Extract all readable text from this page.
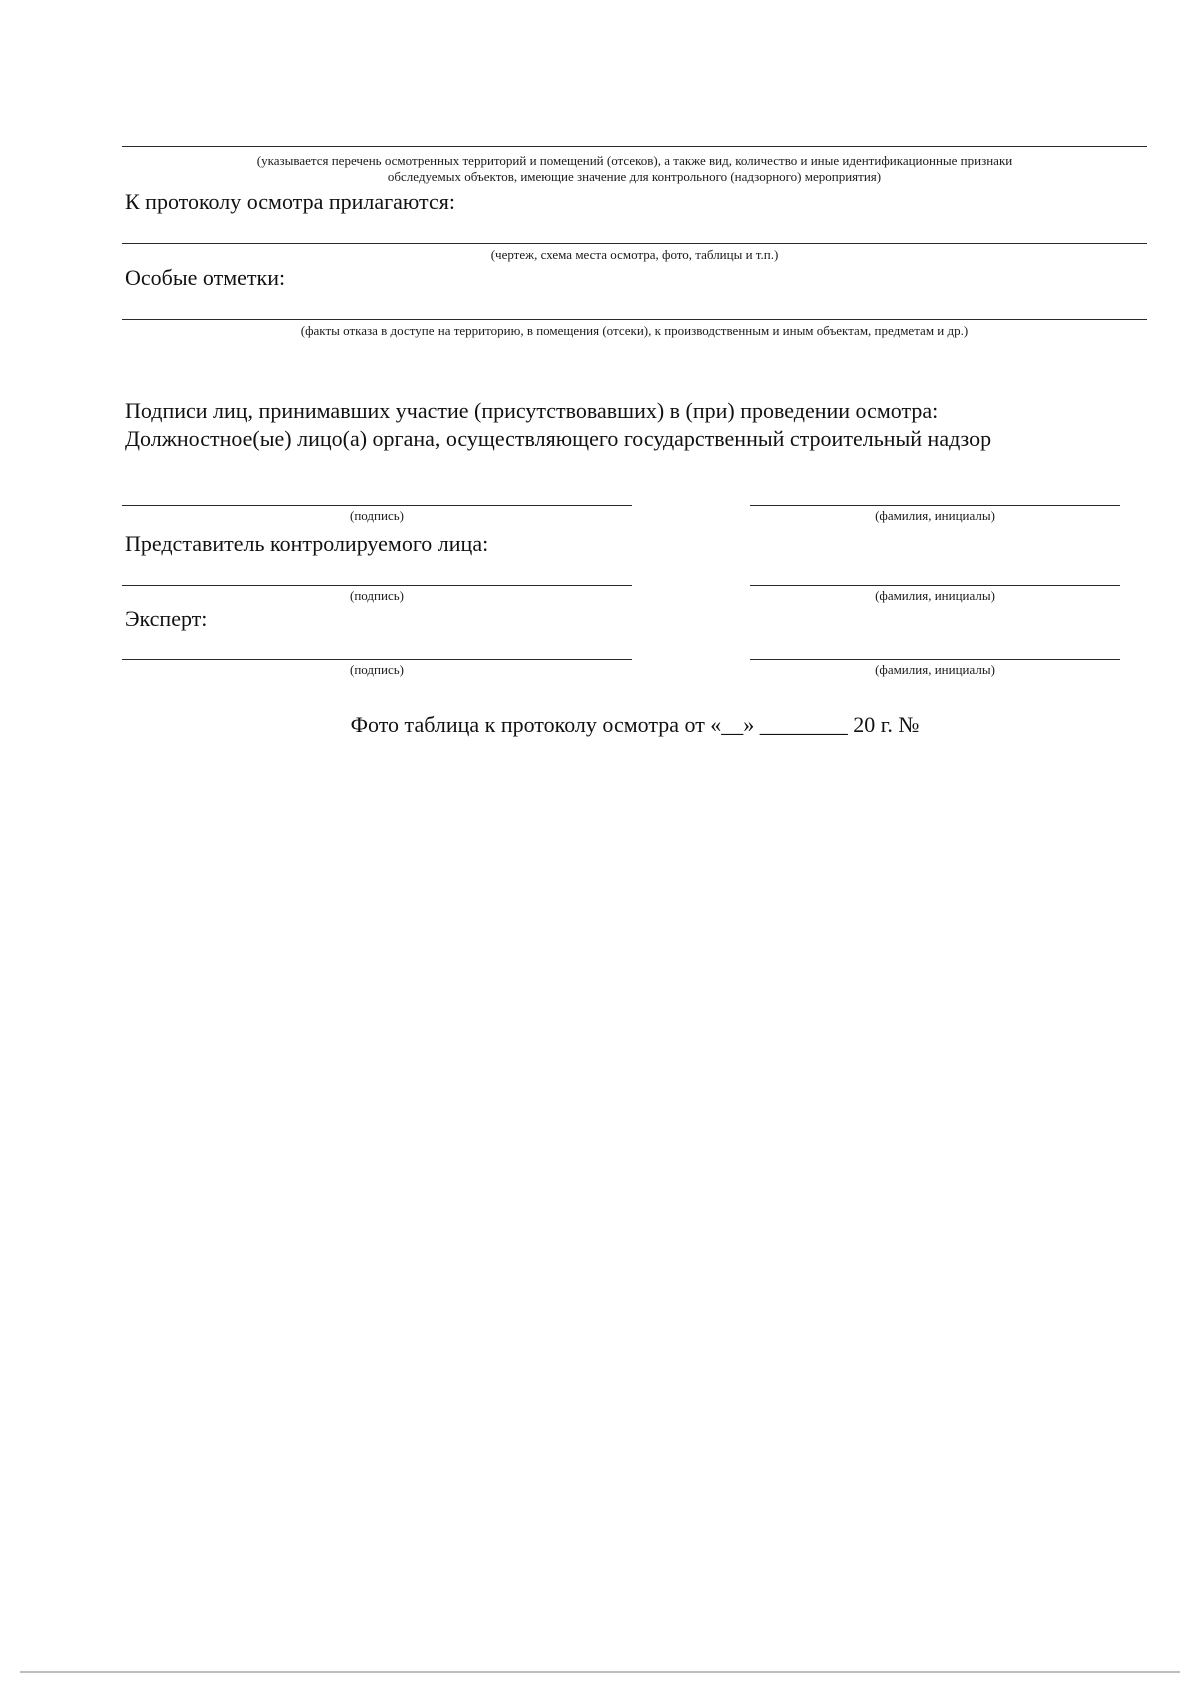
(указывается перечень осмотренных территорий и помещений (отсеков), а также вид, количество и иные идентификационные признаки
обследуемых объектов, имеющие значение для контрольного (надзорного) мероприятия)
К протоколу осмотра прилагаются:
(чертеж, схема места осмотра, фото, таблицы и т.п.)
Особые отметки:
(факты отказа в доступе на территорию, в помещения (отсеки), к производственным и иным объектам, предметам и др.)
Подписи лиц, принимавших участие (присутствовавших) в (при) проведении осмотра:
Должностное(ые) лицо(а) органа, осуществляющего государственный строительный надзор
(подпись)	(фамилия, инициалы)
Представитель контролируемого лица:
(подпись)	(фамилия, инициалы)
Эксперт:
(подпись)	(фамилия, инициалы)
Фото таблица к протоколу осмотра от «__» ________ 20 г. №
